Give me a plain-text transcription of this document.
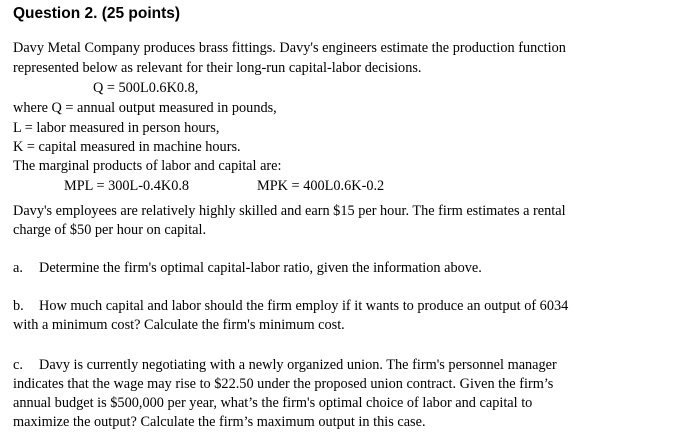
Question 2. (25 points)
Davy Metal Company produces brass fittings. Davy's engineers estimate the production function
represented below as relevant for their long-run capital-labor decisions.
Q = 500L0.6K0.8,
where Q = annual output measured in pounds,
L = labor measured in person hours,
K = capital measured in machine hours.
The marginal products of labor and capital are:
MPL = 300L-0.4K0.8	MPK = 400L0.6K-0.2
Davy's employees are relatively highly skilled and earn $15 per hour. The firm estimates a rental
charge of $50 per hour on capital.
a. Determine the firm's optimal capital-labor ratio, given the information above.
b. How much capital and labor should the firm employ if it wants to produce an output of 6034
with a minimum cost? Calculate the firm's minimum cost.
c. Davy is currently negotiating with a newly organized union. The firm's personnel manager
indicates that the wage may rise to $22.50 under the proposed union contract. Given the firm’s
annual budget is $500,000 per year, what’s the firm's optimal choice of labor and capital to
maximize the output? Calculate the firm’s maximum output in this case.
